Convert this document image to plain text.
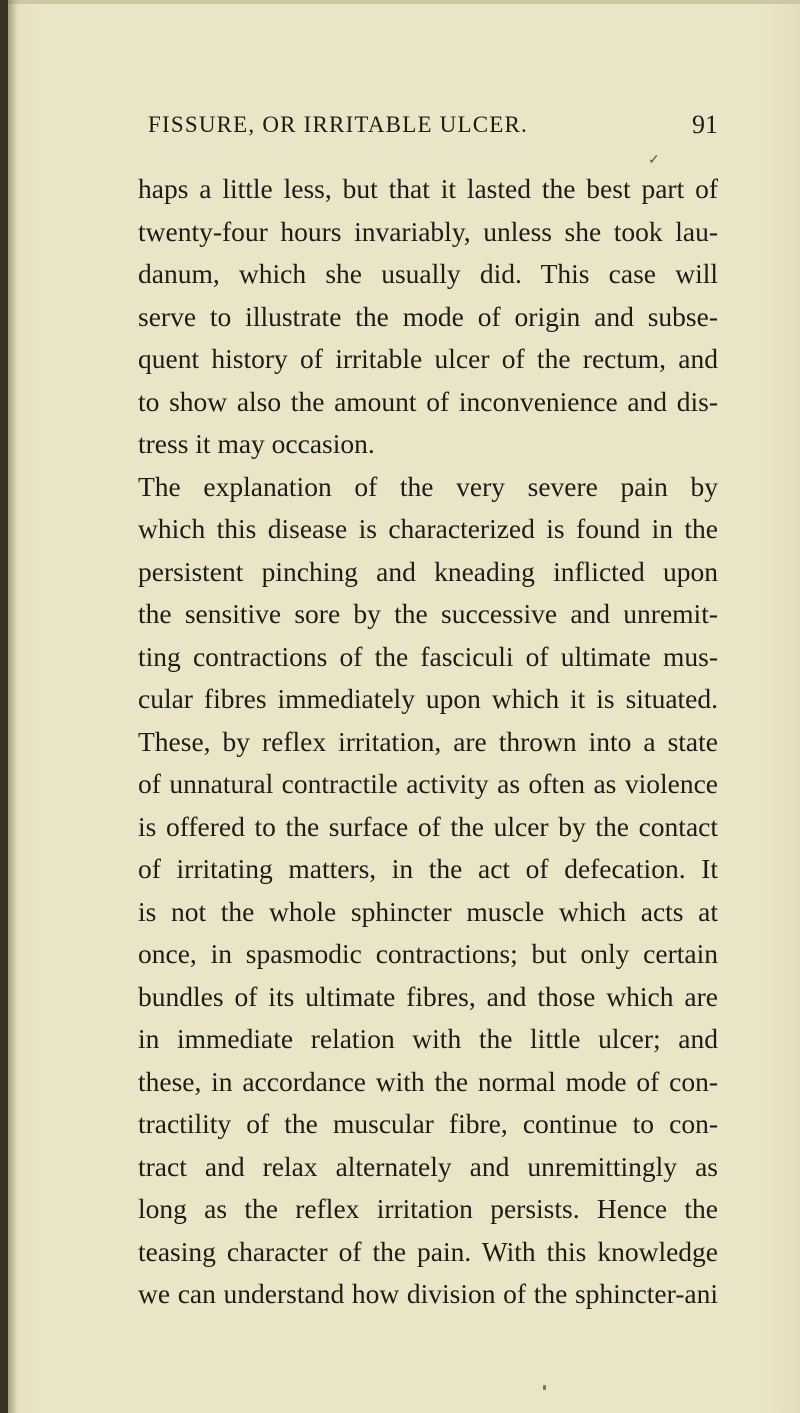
FISSURE, OR IRRITABLE ULCER.	91
✓
haps a little less, but that it lasted the best part of
twenty-four hours invariably, unless she took lau-
danum, which she usually did. This case will
serve to illustrate the mode of origin and subse-
quent history of irritable ulcer of the rectum, and
to show also the amount of inconvenience and dis-
tress it may occasion.
The explanation of the very severe pain by
which this disease is characterized is found in the
persistent pinching and kneading inflicted upon
the sensitive sore by the successive and unremit-
ting contractions of the fasciculi of ultimate mus-
cular fibres immediately upon which it is situated.
These, by reflex irritation, are thrown into a state
of unnatural contractile activity as often as violence
is offered to the surface of the ulcer by the contact
of irritating matters, in the act of defecation. It
is not the whole sphincter muscle which acts at
once, in spasmodic contractions; but only certain
bundles of its ultimate fibres, and those which are
in immediate relation with the little ulcer; and
these, in accordance with the normal mode of con-
tractility of the muscular fibre, continue to con-
tract and relax alternately and unremittingly as
long as the reflex irritation persists. Hence the
teasing character of the pain. With this knowledge
we can understand how division of the sphincter-ani
